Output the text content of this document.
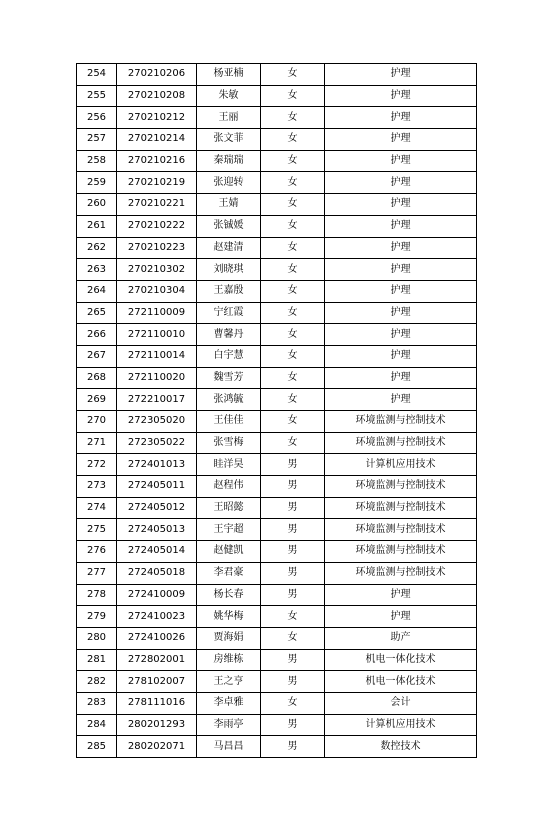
254	270210206	杨亚楠	女	护理
255	270210208	朱敏	女	护理
256	270210212	王丽	女	护理
257	270210214	张文菲	女	护理
258	270210216	秦瑞瑞	女	护理
259	270210219	张迎转	女	护理
260	270210221	王婧	女	护理
261	270210222	张铖媛	女	护理
262	270210223	赵建清	女	护理
263	270210302	刘晓琪	女	护理
264	270210304	王嘉殷	女	护理
265	272110009	宁红霞	女	护理
266	272110010	曹馨丹	女	护理
267	272110014	白宇慧	女	护理
268	272110020	魏雪芳	女	护理
269	272210017	张鸿毓	女	护理
270	272305020	王佳佳	女	环境监测与控制技术
271	272305022	张雪梅	女	环境监测与控制技术
272	272401013	眭洋昊	男	计算机应用技术
273	272405011	赵程伟	男	环境监测与控制技术
274	272405012	王昭懿	男	环境监测与控制技术
275	272405013	王宇超	男	环境监测与控制技术
276	272405014	赵健凯	男	环境监测与控制技术
277	272405018	李君豪	男	环境监测与控制技术
278	272410009	杨长春	男	护理
279	272410023	姚华梅	女	护理
280	272410026	贾海娟	女	助产
281	272802001	房维栋	男	机电一体化技术
282	278102007	王之亨	男	机电一体化技术
283	278111016	李卓雅	女	会计
284	280201293	李雨亭	男	计算机应用技术
285	280202071	马昌昌	男	数控技术
